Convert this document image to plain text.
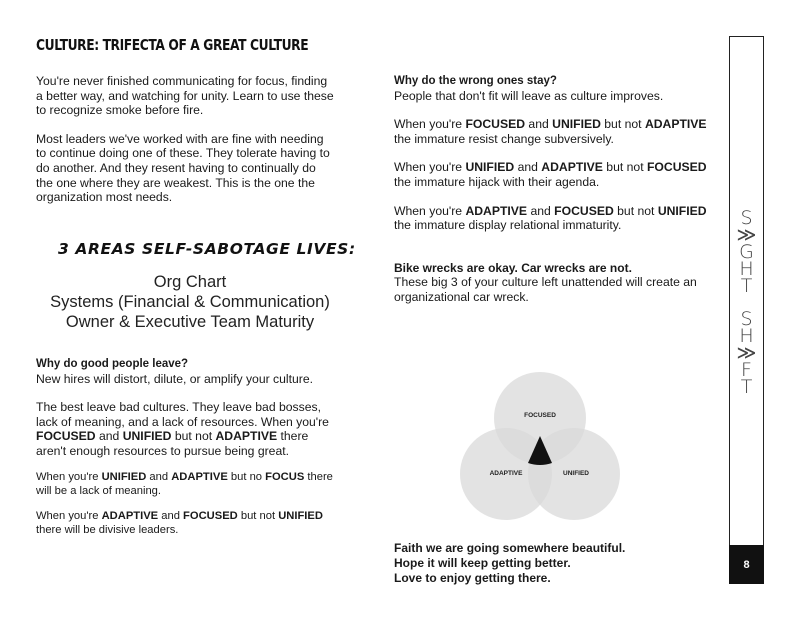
CULTURE: TRIFECTA OF A GREAT CULTURE

You're never finished communicating for focus, finding a better way, and watching for unity. Learn to use these to recognize smoke before fire.

Most leaders we've worked with are fine with needing to continue doing one of these. They tolerate having to do another. And they resent having to continually do the one where they are weakest. This is the one the organization most needs.

3 AREAS SELF-SABOTAGE LIVES:
Org Chart
Systems (Financial & Communication)
Owner & Executive Team Maturity

Why do good people leave?

New hires will distort, dilute, or amplify your culture.

The best leave bad cultures. They leave bad bosses, lack of meaning, and a lack of resources. When you're FOCUSED and UNIFIED but not ADAPTIVE there aren't enough resources to pursue being great.

When you're UNIFIED and ADAPTIVE but no FOCUS there will be a lack of meaning.

When you're ADAPTIVE and FOCUSED but not UNIFIED there will be divisive leaders.

Why do the wrong ones stay?

People that don't fit will leave as culture improves.

When you're FOCUSED and UNIFIED but not ADAPTIVE the immature resist change subversively.

When you're UNIFIED and ADAPTIVE but not FOCUSED the immature hijack with their agenda.

When you're ADAPTIVE and FOCUSED but not UNIFIED the immature display relational immaturity.

Bike wrecks are okay. Car wrecks are not.

These big 3 of your culture left unattended will create an organizational car wreck.

FOCUSED
ADAPTIVE	UNIFIED
Faith we are going somewhere beautiful.
Hope it will keep getting better.
Love to enjoy getting there.
S
≫
G
H
T
S
H
≫
F
T
8
